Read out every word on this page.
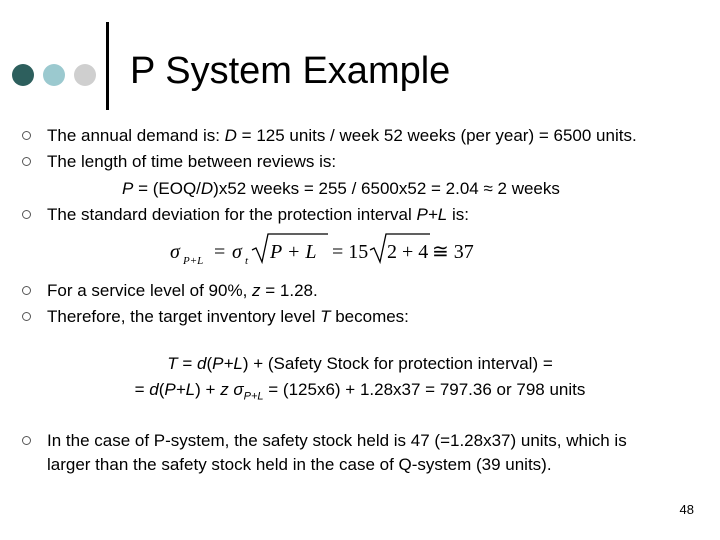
P System Example
The annual demand is: D = 125 units / week 52 weeks (per year) = 6500 units.
The length of time between reviews is:
P = (EOQ/D)x52 weeks = 255 / 6500x52 = 2.04 ≈ 2 weeks
The standard deviation for the protection interval P+L is:
σ P+L = σ t P + L = 15 2 + 4 ≅ 37
For a service level of 90%, z = 1.28.
Therefore, the target inventory level T becomes:
T = d(P+L) + (Safety Stock for protection interval) =
= d(P+L) + z $\sigma_{P+L} = (125x6) + 1.28x37 = 797.36$ or 798 units
In the case of P-system, the safety stock held is 47 (=1.28x37) units, which is
larger than the safety stock held in the case of Q-system (39 units).
48
